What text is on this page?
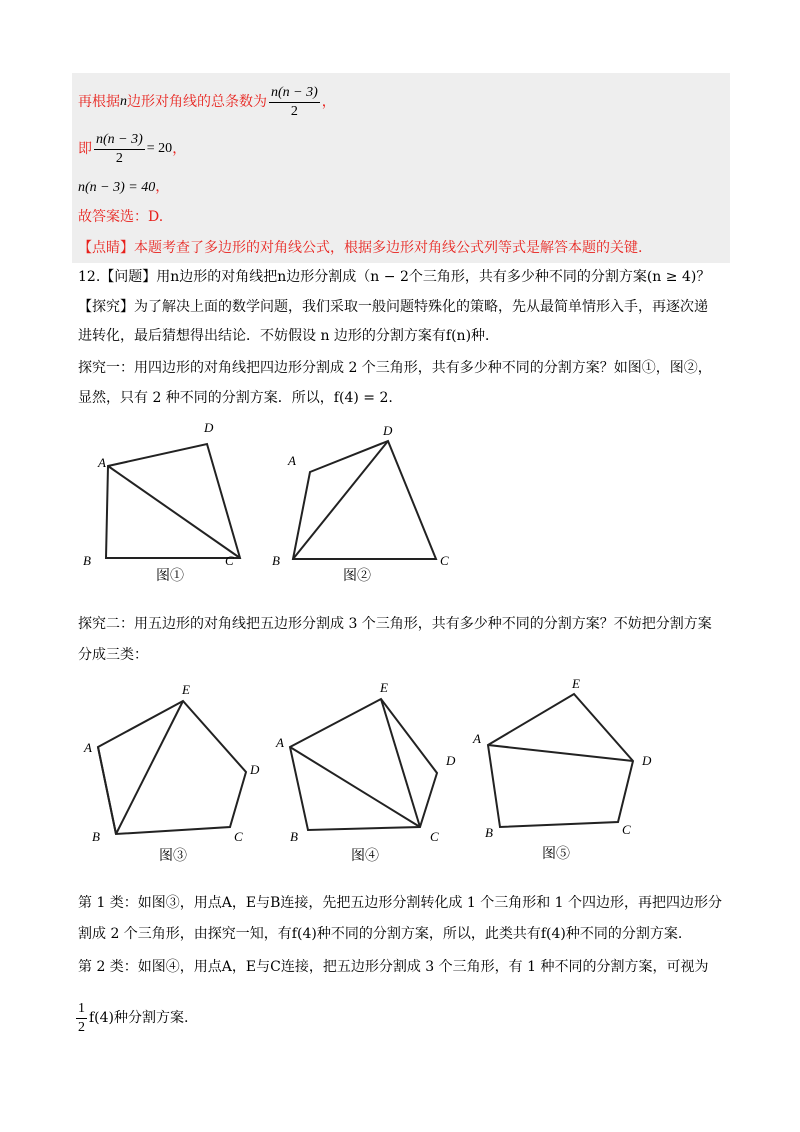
再根据 n 边形对角线的总条数为 $\frac{n(n - 3)}{2}$ ，
即 $\frac{n(n - 3)}{2} = 20$ ，
n(n − 3) = 40，
故答案选：D.
【点睛】本题考查了多边形的对角线公式，根据多边形对角线公式列等式是解答本题的关键.
12.【问题】用n边形的对角线把n边形分割成（n − 2个三角形，共有多少种不同的分割方案(n ≥ 4)？
【探究】为了解决上面的数学问题，我们采取一般问题特殊化的策略，先从最简单情形入手，再逐次递
进转化，最后猜想得出结论．不妨假设 n 边形的分割方案有f(n)种．
探究一：用四边形的对角线把四边形分割成 2 个三角形，共有多少种不同的分割方案？如图①，图②，
显然，只有 2 种不同的分割方案．所以，f(4) = 2.
A
D
B	C
图①
A
D
B	C
图②
探究二：用五边形的对角线把五边形分割成 3 个三角形，共有多少种不同的分割方案？不妨把分割方案
分成三类：
A
E
D
C
B
图③
A
E
D
C
B
图④
A
E
D
C
B
图⑤
第 1 类：如图③，用点A，E与B连接，先把五边形分割转化成 1 个三角形和 1 个四边形，再把四边形分
割成 2 个三角形，由探究一知，有f(4)种不同的分割方案，所以，此类共有f(4)种不同的分割方案.
第 2 类：如图④，用点A，E与C连接，把五边形分割成 3 个三角形，有 1 种不同的分割方案，可视为
$\frac{1}{2} f(4)$种分割方案.
